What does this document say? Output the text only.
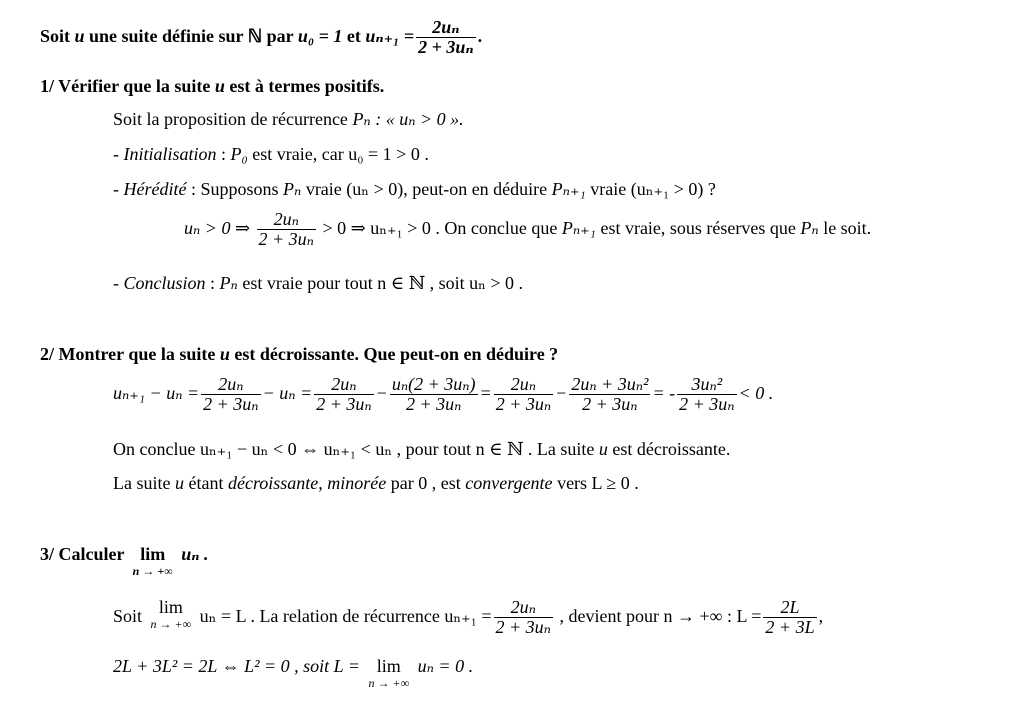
Soit u une suite définie sur ℕ par u₀ = 1 et $u_{n+1} = \frac{\text{2uₙ}}{\text{2 + 3uₙ}}$ .
1/ Vérifier que la suite u est à termes positifs.
Soit la proposition de récurrence Pₙ : « uₙ > 0 ».
- Initialisation : P₀ est vraie, car u₀ = 1 > 0 .
- Hérédité : Supposons Pₙ vraie (uₙ > 0), peut-on en déduire Pₙ₊₁ vraie (uₙ₊₁ > 0) ?
uₙ > 0 ⇒ $\frac{\text{2uₙ}}{\text{2 + 3uₙ}} > 0$ ⇒ uₙ₊₁ > 0 . On conclue que Pₙ₊₁ est vraie, sous réserves que Pₙ le soit.
- Conclusion : Pₙ est vraie pour tout n ∈ ℕ , soit uₙ > 0 .
2/ Montrer que la suite u est décroissante. Que peut-on en déduire ?
$u_{n+1} - u_n = \frac{\text{2uₙ}}{\text{2 + 3uₙ}} - u_n = \frac{\text{2uₙ}}{\text{2 + 3uₙ}} - \frac{\text{uₙ(2 + 3uₙ)}}{\text{2 + 3uₙ}} = \frac{\text{2uₙ}}{\text{2 + 3uₙ}} - \frac{\text{2uₙ + 3uₙ²}}{\text{2 + 3uₙ}}$ = - $\frac{\text{3uₙ²}}{\text{2 + 3uₙ}} < 0$ .
On conclue uₙ₊₁ − uₙ < 0 ⇔ uₙ₊₁ < uₙ , pour tout n ∈ ℕ . La suite u est décroissante.
La suite u étant décroissante, minorée par 0 , est convergente vers L ≥ 0 .
3/ Calculer lim
n → +∞
uₙ .
Soit lim
n → +∞ uₙ = L . La relation de récurrence $u_{n+1} = \frac{\text{2uₙ}}{\text{2 + 3uₙ}}$ , devient pour n → +∞ : $L = \frac{2L}{2 + 3L}$ ,
2L + 3L² = 2L ⇔ L² = 0 , soit L = lim
n → +∞
uₙ = 0 .
